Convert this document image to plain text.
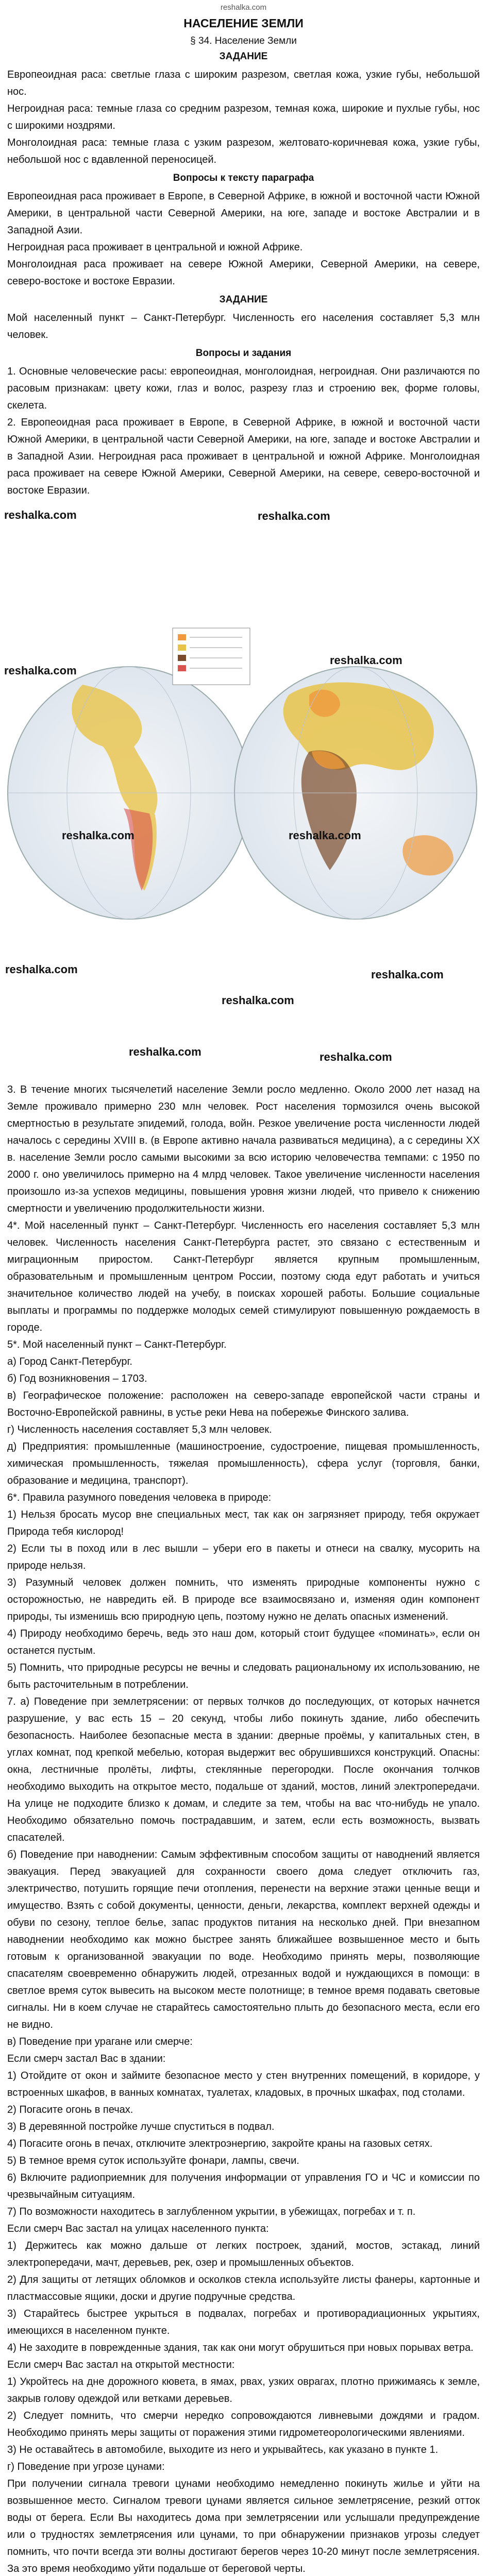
reshalka.com
НАСЕЛЕНИЕ ЗЕМЛИ
§ 34. Население Земли
ЗАДАНИЕ

Европеоидная раса: светлые глаза с широким разрезом, светлая кожа, узкие губы, небольшой нос.

Негроидная раса: темные глаза со средним разрезом, темная кожа, широкие и пухлые губы, нос с широкими ноздрями.

Монголоидная раса: темные глаза с узким разрезом, желтовато-коричневая кожа, узкие губы, небольшой нос с вдавленной переносицей.

Вопросы к тексту параграфа

Европеоидная раса проживает в Европе, в Северной Африке, в южной и восточной части Южной Америки, в центральной части Северной Америки, на юге, западе и востоке Австралии и в Западной Азии.

Негроидная раса проживает в центральной и южной Африке.

Монголоидная раса проживает на севере Южной Америки, Северной Америки, на севере, северо-востоке и востоке Евразии.

ЗАДАНИЕ

Мой населенный пункт – Санкт-Петербург. Численность его населения составляет 5,3 млн человек.

Вопросы и задания

1. Основные человеческие расы: европеоидная, монголоидная, негроидная. Они различаются по расовым признакам: цвету кожи, глаз и волос, разрезу глаз и строению век, форме головы, скелета.

2. Европеоидная раса проживает в Европе, в Северной Африке, в южной и восточной части Южной Америки, в центральной части Северной Америки, на юге, западе и востоке Австралии и в Западной Азии. Негроидная раса проживает в центральной и южной Африке. Монголоидная раса проживает на севере Южной Америки, Северной Америки, на севере, северо-восточной и востоке Евразии.

reshalka.com	reshalka.com
reshalka.com
reshalka.com
reshalka.com	reshalka.com
reshalka.com
reshalka.com
reshalka.com
reshalka.com	reshalka.com

3. В течение многих тысячелетий население Земли росло медленно. Около 2000 лет назад на Земле проживало примерно 230 млн человек. Рост населения тормозился очень высокой смертностью в результате эпидемий, голода, войн. Резкое увеличение роста численности людей началось с середины XVIII в. (в Европе активно начала развиваться медицина), а с середины XX в. население Земли росло самыми высокими за всю историю человечества темпами: с 1950 по 2000 г. оно увеличилось примерно на 4 млрд человек. Такое увеличение численности населения произошло из-за успехов медицины, повышения уровня жизни людей, что привело к снижению смертности и увеличению продолжительности жизни.

4*. Мой населенный пункт – Санкт-Петербург. Численность его населения составляет 5,3 млн человек. Численность населения Санкт-Петербурга растет, это связано с естественным и миграционным приростом. Санкт-Петербург является крупным промышленным, образовательным и промышленным центром России, поэтому сюда едут работать и учиться значительное количество людей на учебу, в поисках хорошей работы. Большие социальные выплаты и программы по поддержке молодых семей стимулируют повышенную рождаемость в городе.

5*. Мой населенный пункт – Санкт-Петербург.

а) Город Санкт-Петербург.

б) Год возникновения – 1703.

в) Географическое положение: расположен на северо-западе европейской части страны и Восточно-Европейской равнины, в устье реки Нева на побережье Финского залива.

г) Численность населения составляет 5,3 млн человек.

д) Предприятия: промышленные (машиностроение, судостроение, пищевая промышленность, химическая промышленность, тяжелая промышленность), сфера услуг (торговля, банки, образование и медицина, транспорт).

6*. Правила разумного поведения человека в природе:

1) Нельзя бросать мусор вне специальных мест, так как он загрязняет природу, тебя окружает Природа тебя кислород!

2) Если ты в поход или в лес вышли – убери его в пакеты и отнеси на свалку, мусорить на природе нельзя.

3) Разумный человек должен помнить, что изменять природные компоненты нужно с осторожностью, не навредить ей. В природе все взаимосвязано и, изменяя один компонент природы, ты изменишь всю природную цепь, поэтому нужно не делать опасных изменений.

4) Природу необходимо беречь, ведь это наш дом, который стоит будущее «поминать», если он останется пустым.

5) Помнить, что природные ресурсы не вечны и следовать рациональному их использованию, не быть расточительным в потреблении.

7. а) Поведение при землетрясении: от первых толчков до последующих, от которых начнется разрушение, у вас есть 15 – 20 секунд, чтобы либо покинуть здание, либо обеспечить безопасность. Наиболее безопасные места в здании: дверные проёмы, у капитальных стен, в углах комнат, под крепкой мебелью, которая выдержит вес обрушившихся конструкций. Опасны: окна, лестничные пролёты, лифты, стеклянные перегородки. После окончания толчков необходимо выходить на открытое место, подальше от зданий, мостов, линий электропередачи. На улице не подходите близко к домам, и следите за тем, чтобы на вас что-нибудь не упало. Необходимо обязательно помочь пострадавшим, и затем, если есть возможность, вызвать спасателей.

б) Поведение при наводнении: Самым эффективным способом защиты от наводнений является эвакуация. Перед эвакуацией для сохранности своего дома следует отключить газ, электричество, потушить горящие печи отопления, перенести на верхние этажи ценные вещи и имущество. Взять с собой документы, ценности, деньги, лекарства, комплект верхней одежды и обуви по сезону, теплое белье, запас продуктов питания на несколько дней. При внезапном наводнении необходимо как можно быстрее занять ближайшее возвышенное место и быть готовым к организованной эвакуации по воде. Необходимо принять меры, позволяющие спасателям своевременно обнаружить людей, отрезанных водой и нуждающихся в помощи: в светлое время суток вывесить на высоком месте полотнище; в темное время подавать световые сигналы. Ни в коем случае не старайтесь самостоятельно плыть до безопасного места, если его не видно.

в) Поведение при урагане или смерче:

Если смерч застал Вас в здании:

1) Отойдите от окон и займите безопасное место у стен внутренних помещений, в коридоре, у встроенных шкафов, в ванных комнатах, туалетах, кладовых, в прочных шкафах, под столами.

2) Погасите огонь в печах.

3) В деревянной постройке лучше спуститься в подвал.

4) Погасите огонь в печах, отключите электроэнергию, закройте краны на газовых сетях.

5) В темное время суток используйте фонари, лампы, свечи.

6) Включите радиоприемник для получения информации от управления ГО и ЧС и комиссии по чрезвычайным ситуациям.

7) По возможности находитесь в заглубленном укрытии, в убежищах, погребах и т. п.

Если смерч Вас застал на улицах населенного пункта:

1) Держитесь как можно дальше от легких построек, зданий, мостов, эстакад, линий электропередачи, мачт, деревьев, рек, озер и промышленных объектов.

2) Для защиты от летящих обломков и осколков стекла используйте листы фанеры, картонные и пластмассовые ящики, доски и другие подручные средства.

3) Старайтесь быстрее укрыться в подвалах, погребах и противорадиационных укрытиях, имеющихся в населенном пункте.

4) Не заходите в поврежденные здания, так как они могут обрушиться при новых порывах ветра.

Если смерч Вас застал на открытой местности:

1) Укройтесь на дне дорожного кювета, в ямах, рвах, узких оврагах, плотно прижимаясь к земле, закрыв голову одеждой или ветками деревьев.

2) Следует помнить, что смерчи нередко сопровождаются ливневыми дождями и градом. Необходимо принять меры защиты от поражения этими гидрометеорологическими явлениями.

3) Не оставайтесь в автомобиле, выходите из него и укрывайтесь, как указано в пункте 1.

г) Поведение при угрозе цунами:

При получении сигнала тревоги цунами необходимо немедленно покинуть жилье и уйти на возвышенное место. Сигналом тревоги цунами является сильное землетрясение, резкий отток воды от берега. Если Вы находитесь дома при землетрясении или услышали предупреждение или о трудностях землетрясения или цунами, то при обнаружении признаков угрозы следует помнить, что почти всегда эти волны достигают берегов через 10-20 минут после землетрясения. За это время необходимо уйти подальше от береговой черты.
